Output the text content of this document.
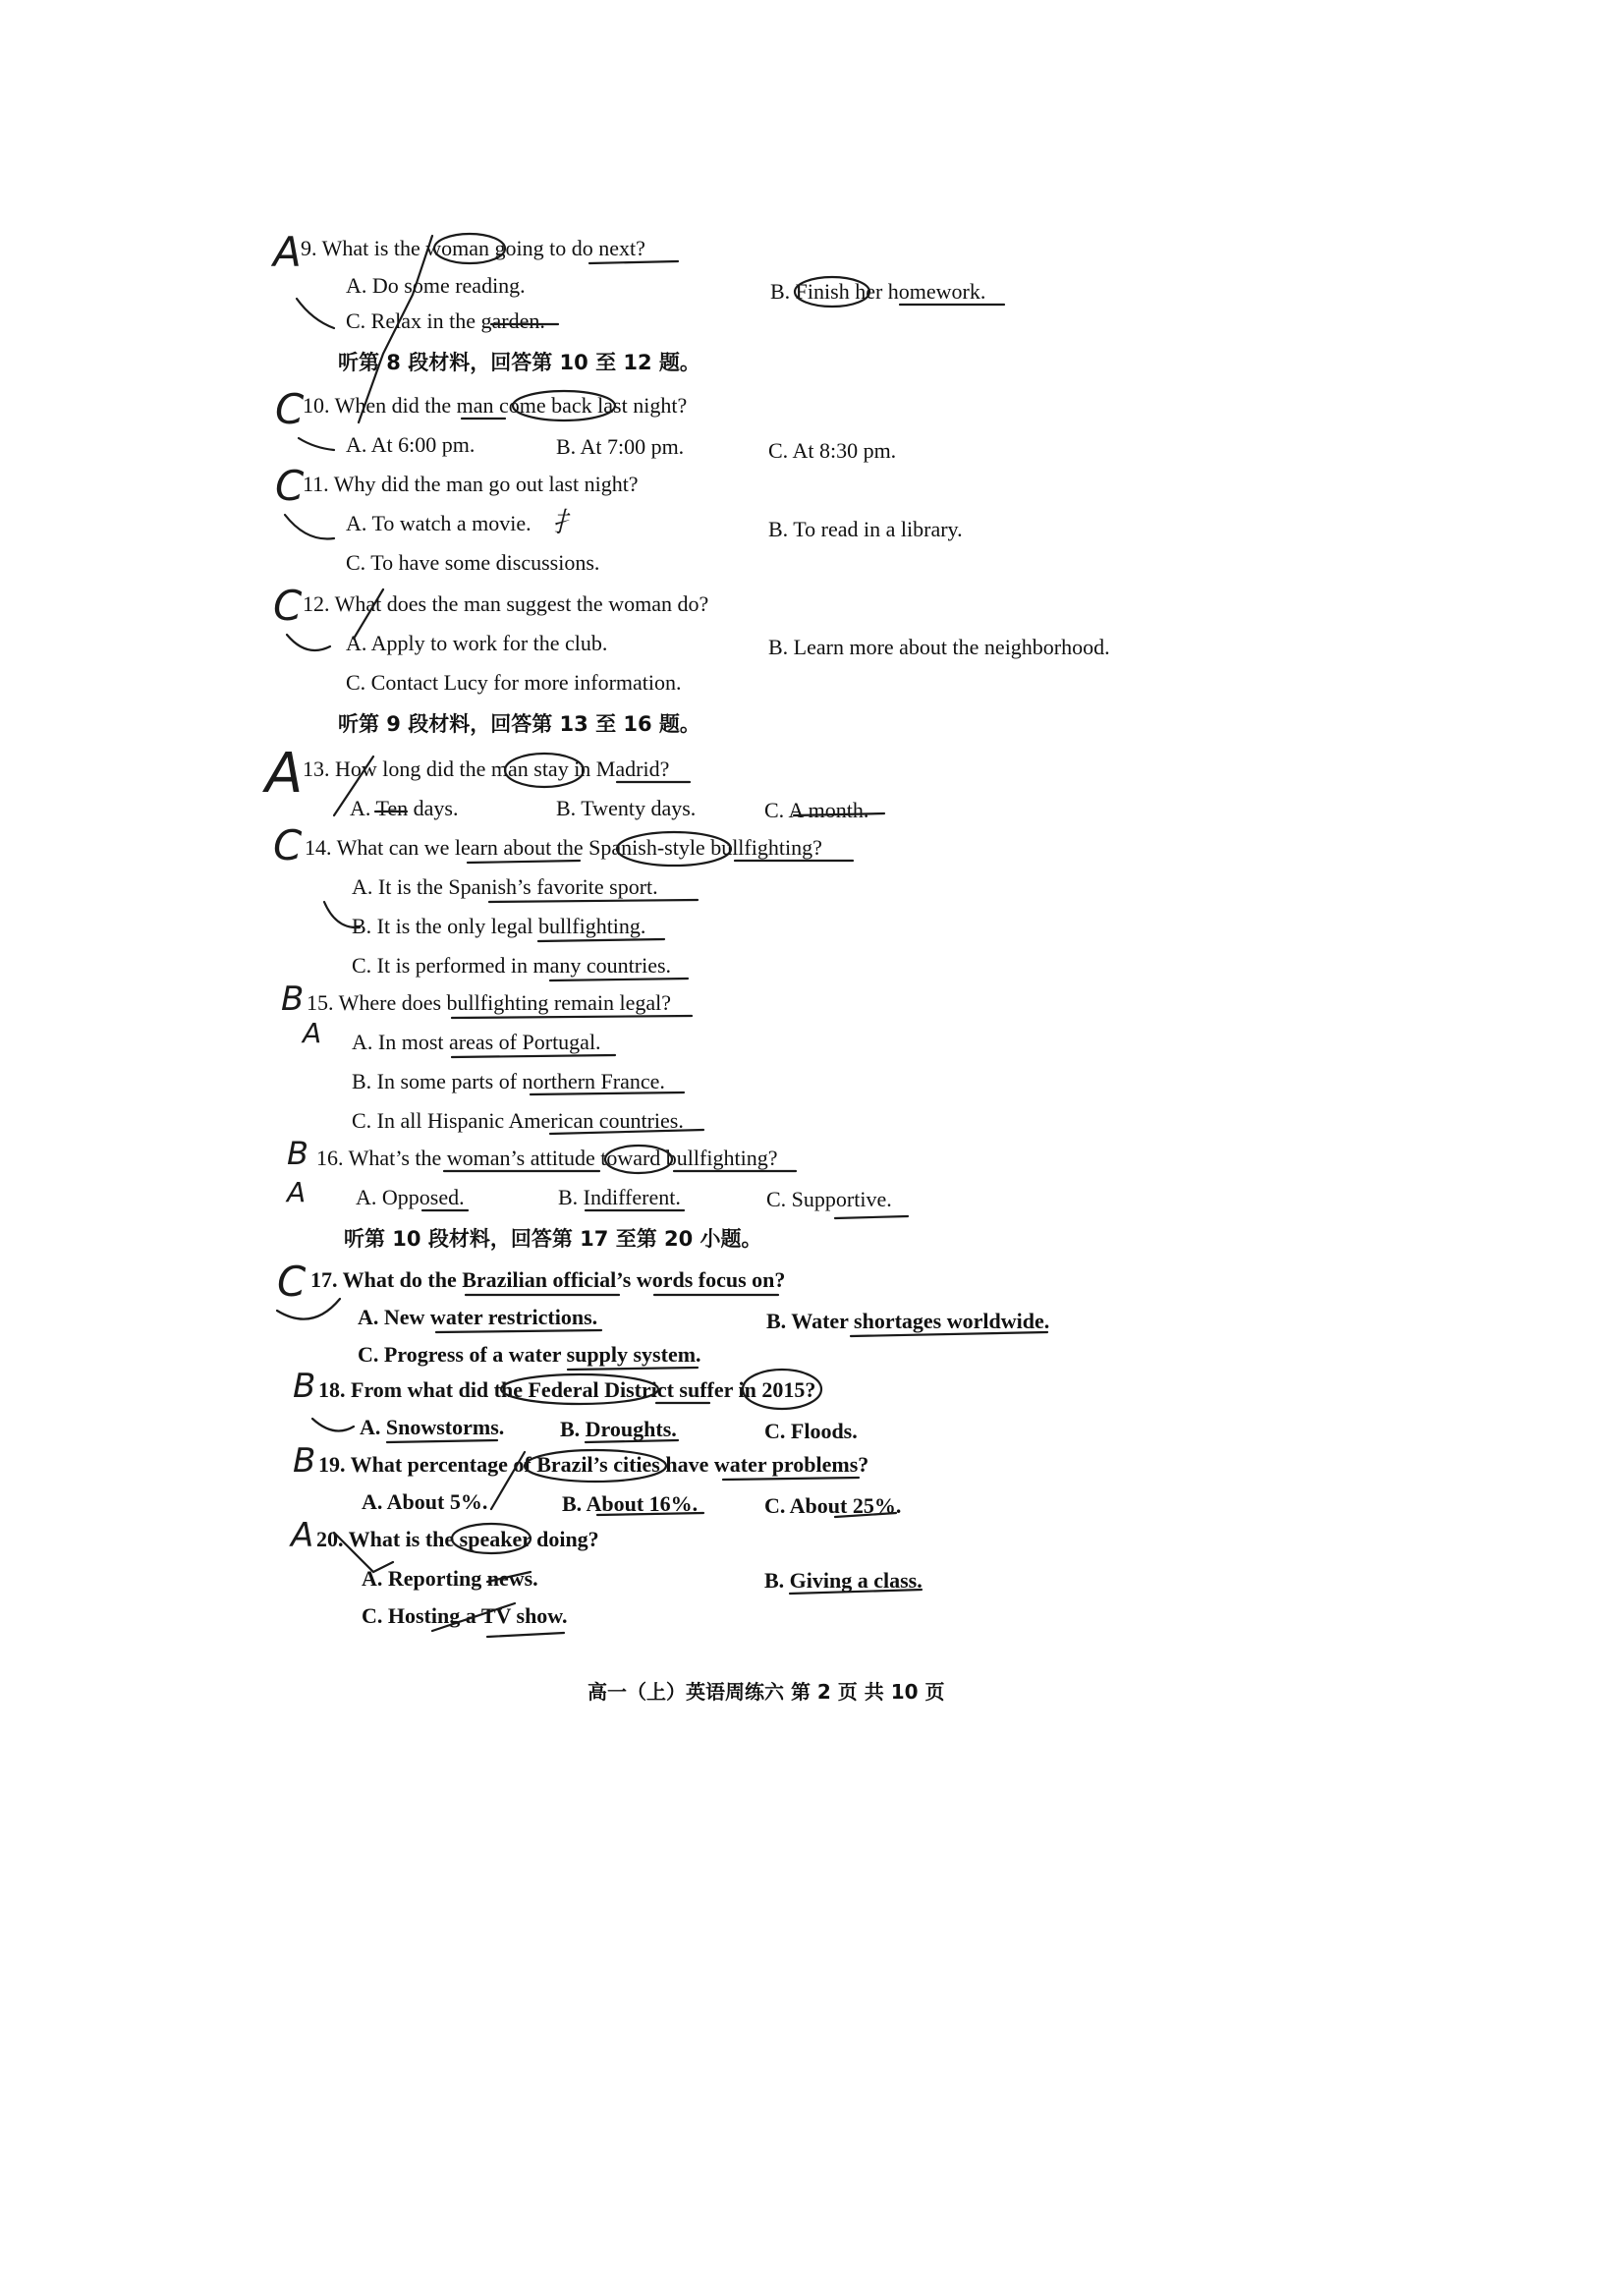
A 9. What is the woman going to do next?
A. Do some reading.	B. Finish her homework.
C. Relax in the garden.
听第 8 段材料，回答第 10 至 12 题。
C
10. When did the man come back last night?
A. At 6:00 pm.	B. At 7:00 pm.	C. At 8:30 pm.
C
11. Why did the man go out last night?
A. To watch a movie. ⺘	B. To read in a library.
C. To have some discussions.
C 12. What does the man suggest the woman do?
A. Apply to work for the club.	B. Learn more about the neighborhood.
C. Contact Lucy for more information.
听第 9 段材料，回答第 13 至 16 题。
A 13. How long did the man stay in Madrid?
A. Ten days.	B. Twenty days.	C. A month.
C 14. What can we learn about the Spanish-style bullfighting?
A. It is the Spanish’s favorite sport.
B. It is the only legal bullfighting.
C. It is performed in many countries.
B
A
15. Where does bullfighting remain legal?
A. In most areas of Portugal.
B. In some parts of northern France.
C. In all Hispanic American countries.
B
A
16. What’s the woman’s attitude toward bullfighting?
A. Opposed.	B. Indifferent.	C. Supportive.
听第 10 段材料，回答第 17 至第 20 小题。
C 17. What do the Brazilian official’s words focus on?
A. New water restrictions.	B. Water shortages worldwide.
C. Progress of a water supply system.
B 18. From what did the Federal District suffer in 2015?
A. Snowstorms.	B. Droughts.	C. Floods.
B 19. What percentage of Brazil’s cities have water problems?
A. About 5%.	B. About 16%.	C. About 25%.
A 20. What is the speaker doing?
A. Reporting news.	B. Giving a class.
C. Hosting a TV show.
高一（上）英语周练六 第 2 页 共 10 页
